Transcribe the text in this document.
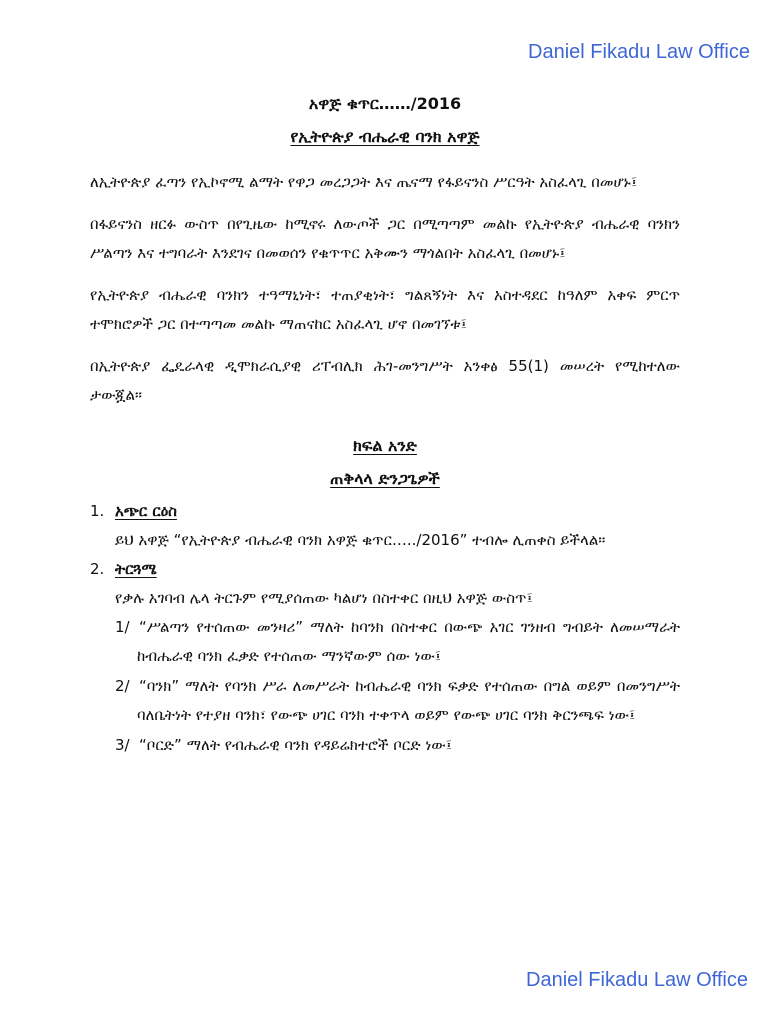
Daniel Fikadu Law Office
አዋጅ ቁጥር……/2016
የኢትዮጵያ ብሔራዊ ባንክ አዋጅ

ለኢትዮጵያ ፈጣን የኢኮኖሚ ልማት የዋጋ መረጋጋት እና ጤናማ የፋይናንስ ሥርዓት አስፈላጊ በመሆኑ፤

በፋይናንስ ዘርፉ ውስጥ በየጊዜው ከሚኖሩ ለውጦች ጋር በሚጣጣም መልኩ የኢትዮጵያ ብሔራዊ ባንክን ሥልጣን እና ተግባራት እንደገና በመወሰን የቁጥጥር አቅሙን ማጎልበት አስፈላጊ በመሆኑ፤

የኢትዮጵያ ብሔራዊ ባንክን ተዓማኒነት፣ ተጠያቂነት፣ ግልጸኝነት እና አስተዳደር ከዓለም አቀፍ ምርጥ ተሞክሮዎች ጋር በተጣጣመ መልኩ ማጠናከር አስፈላጊ ሆኖ በመገኘቱ፤

በኢትዮጵያ ፌዴራላዊ ዲሞክራሲያዊ ሪፐብሊክ ሕገ-መንግሥት አንቀፅ 55(1) መሠረት የሚከተለው ታውጇል።

ክፍል አንድ
ጠቅላላ ድንጋጌዎች
1. አጭር ርዕስ

ይህ አዋጅ “የኢትዮጵያ ብሔራዊ ባንክ አዋጅ ቁጥር…../2016” ተብሎ ሊጠቀስ ይችላል።

2. ትርጓሜ

የቃሉ አገባብ ሌላ ትርጉም የሚያሰጠው ካልሆነ በስተቀር በዚህ አዋጅ ውስጥ፤

1/ “ሥልጣን የተሰጠው መንዛሪ” ማለት ከባንክ በስተቀር በውጭ አገር ገንዘብ ግብይት ለመሠማራት ከብሔራዊ ባንክ ፈቃድ የተሰጠው ማንኛውም ሰው ነው፤
2/ “ባንክ” ማለት የባንክ ሥራ ለመሥራት ከብሔራዊ ባንክ ፍቃድ የተሰጠው በግል ወይም በመንግሥት ባለቤትነት የተያዘ ባንክ፣ የውጭ ሀገር ባንክ ተቀጥላ ወይም የውጭ ሀገር ባንክ ቅርንጫፍ ነው፤
3/ “ቦርድ” ማለት የብሔራዊ ባንክ የዳይሬክተሮች ቦርድ ነው፤
Daniel Fikadu Law Office
